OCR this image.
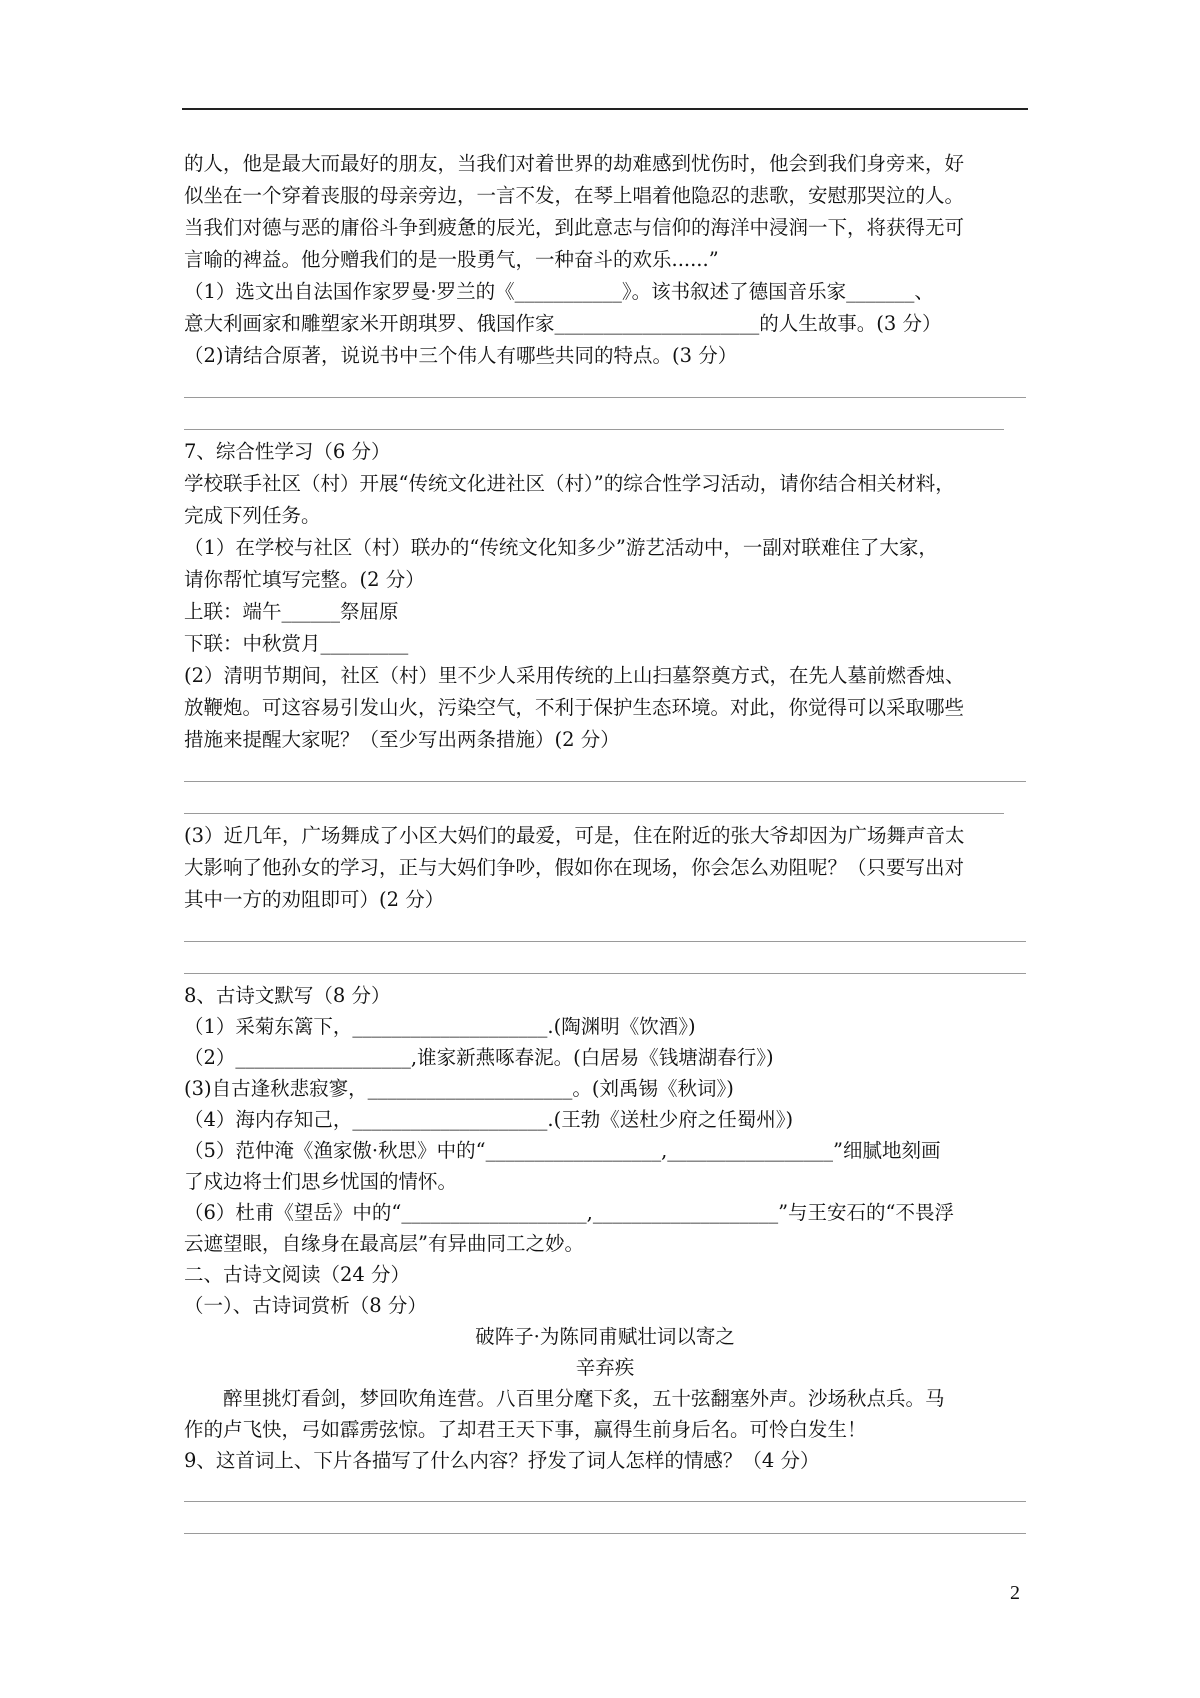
的人，他是最大而最好的朋友，当我们对着世界的劫难感到忧伤时，他会到我们身旁来，好
似坐在一个穿着丧服的母亲旁边，一言不发，在琴上唱着他隐忍的悲歌，安慰那哭泣的人。
当我们对德与恶的庸俗斗争到疲惫的辰光，到此意志与信仰的海洋中浸润一下，将获得无可
言喻的裨益。他分赠我们的是一股勇气，一种奋斗的欢乐......”
（1）选文出自法国作家罗曼·罗兰的《___________》。该书叙述了德国音乐家_______、
意大利画家和雕塑家米开朗琪罗、俄国作家_____________________的人生故事。(3 分）
（2)请结合原著，说说书中三个伟人有哪些共同的特点。(3 分）
7、综合性学习（6 分）
学校联手社区（村）开展“传统文化进社区（村）”的综合性学习活动，请你结合相关材料，
完成下列任务。
（1）在学校与社区（村）联办的“传统文化知多少”游艺活动中，一副对联难住了大家，
请你帮忙填写完整。(2 分）
上联：端午______祭屈原
下联：中秋赏月_________
(2）清明节期间，社区（村）里不少人采用传统的上山扫墓祭奠方式，在先人墓前燃香烛、
放鞭炮。可这容易引发山火，污染空气，不利于保护生态环境。对此，你觉得可以采取哪些
措施来提醒大家呢？（至少写出两条措施）(2 分）
(3）近几年，广场舞成了小区大妈们的最爱，可是，住在附近的张大爷却因为广场舞声音太
大影响了他孙女的学习，正与大妈们争吵，假如你在现场，你会怎么劝阻呢？（只要写出对
其中一方的劝阻即可）(2 分）
8、古诗文默写（8 分）
（1）采菊东篱下，____________________.(陶渊明《饮酒》)
（2）__________________,谁家新燕啄春泥。(白居易《钱塘湖春行》)
(3)自古逢秋悲寂寥，_____________________。(刘禹锡《秋词》)
（4）海内存知己，____________________.(王勃《送杜少府之任蜀州》)
（5）范仲淹《渔家傲·秋思》中的“__________________,_________________”细腻地刻画
了戍边将士们思乡忧国的情怀。
（6）杜甫《望岳》中的“___________________,___________________”与王安石的“不畏浮
云遮望眼，自缘身在最高层”有异曲同工之妙。
二、古诗文阅读（24 分）
（一）、古诗词赏析（8 分）
破阵子·为陈同甫赋壮词以寄之
辛弃疾
醉里挑灯看剑，梦回吹角连营。八百里分麾下炙，五十弦翻塞外声。沙场秋点兵。马
作的卢飞快，弓如霹雳弦惊。了却君王天下事，赢得生前身后名。可怜白发生！
9、这首词上、下片各描写了什么内容？抒发了词人怎样的情感？（4 分）
2
